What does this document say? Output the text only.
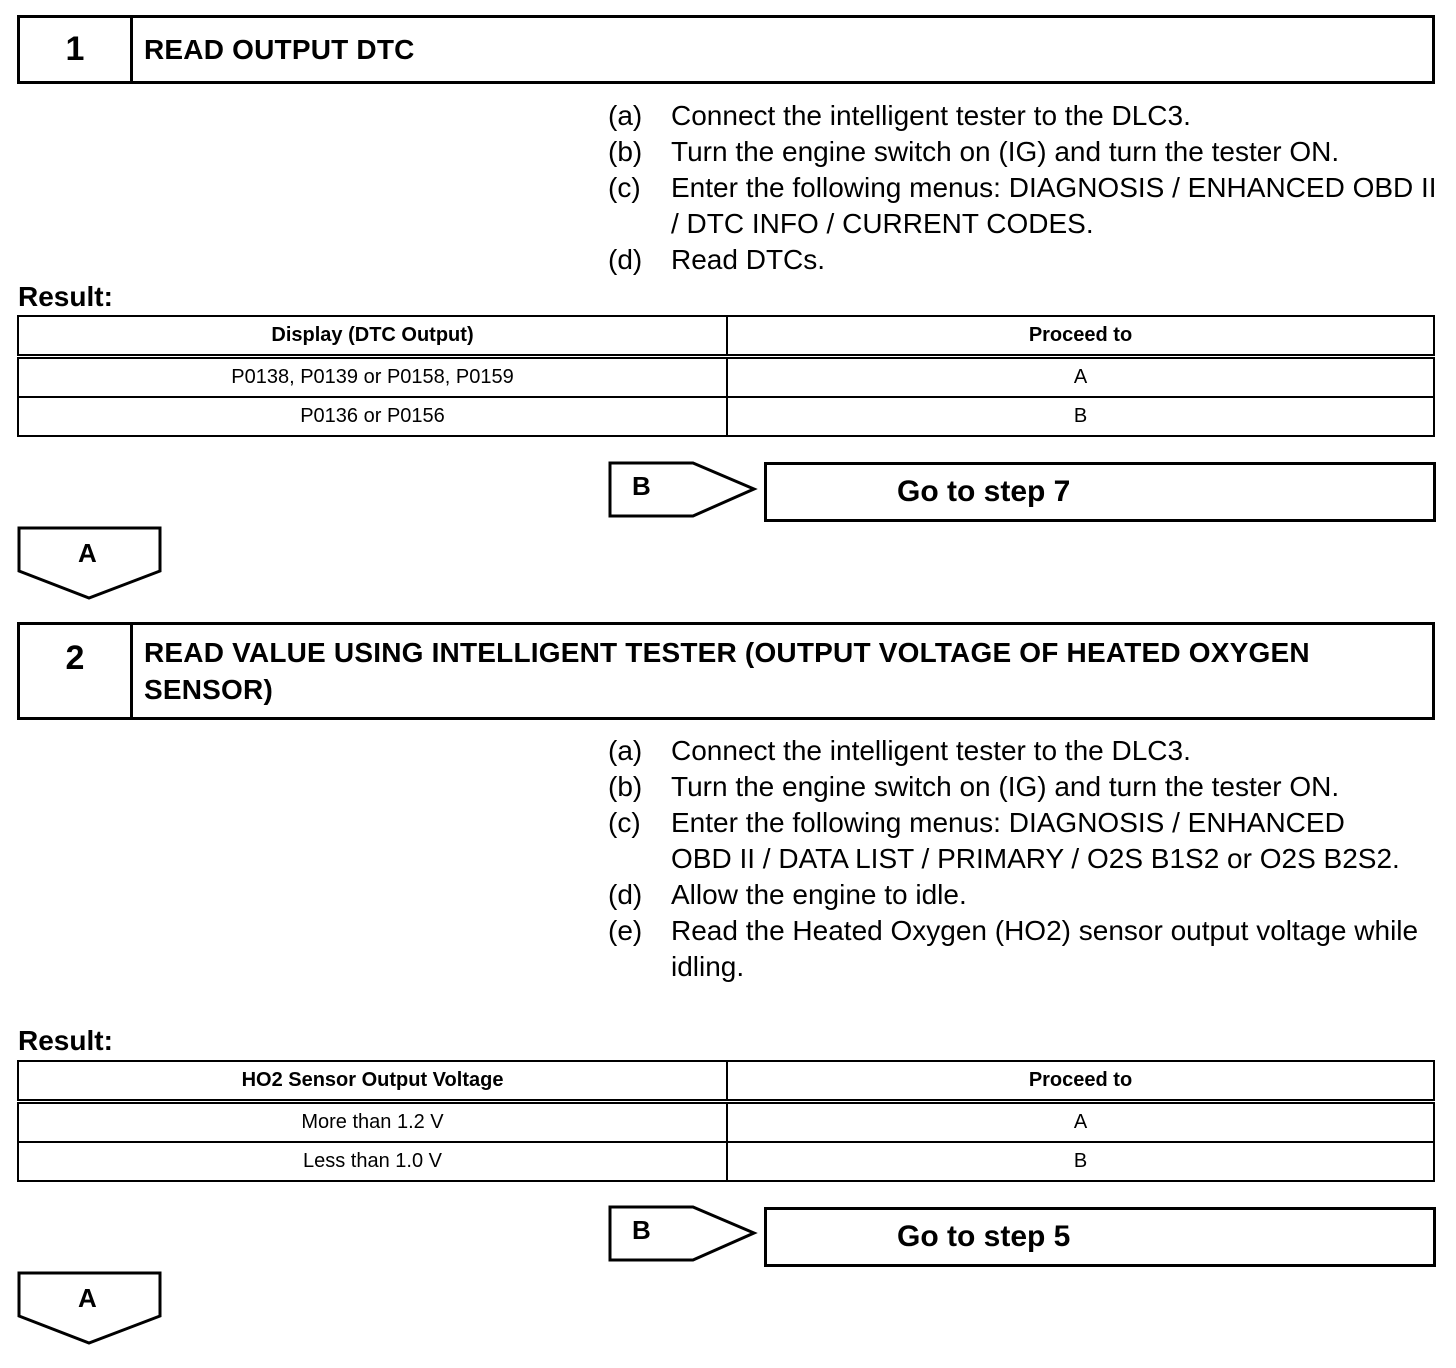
1	READ OUTPUT DTC
(a)	Connect the intelligent tester to the DLC3.
(b)	Turn the engine switch on (IG) and turn the tester ON.
(c)	Enter the following menus: DIAGNOSIS / ENHANCED OBD II / DTC INFO / CURRENT CODES.
(d)	Read DTCs.
Result:
Display (DTC Output)	Proceed to
P0138, P0139 or P0158, P0159	A
P0136 or P0156	B
B	Go to step 7
A
2	READ VALUE USING INTELLIGENT TESTER (OUTPUT VOLTAGE OF HEATED OXYGEN SENSOR)
(a)	Connect the intelligent tester to the DLC3.
(b)	Turn the engine switch on (IG) and turn the tester ON.
(c)	Enter the following menus: DIAGNOSIS / ENHANCED OBD II / DATA LIST / PRIMARY / O2S B1S2 or O2S B2S2.
(d)	Allow the engine to idle.
(e)	Read the Heated Oxygen (HO2) sensor output voltage while idling.
Result:
HO2 Sensor Output Voltage	Proceed to
More than 1.2 V	A
Less than 1.0 V	B
B	Go to step 5
A
